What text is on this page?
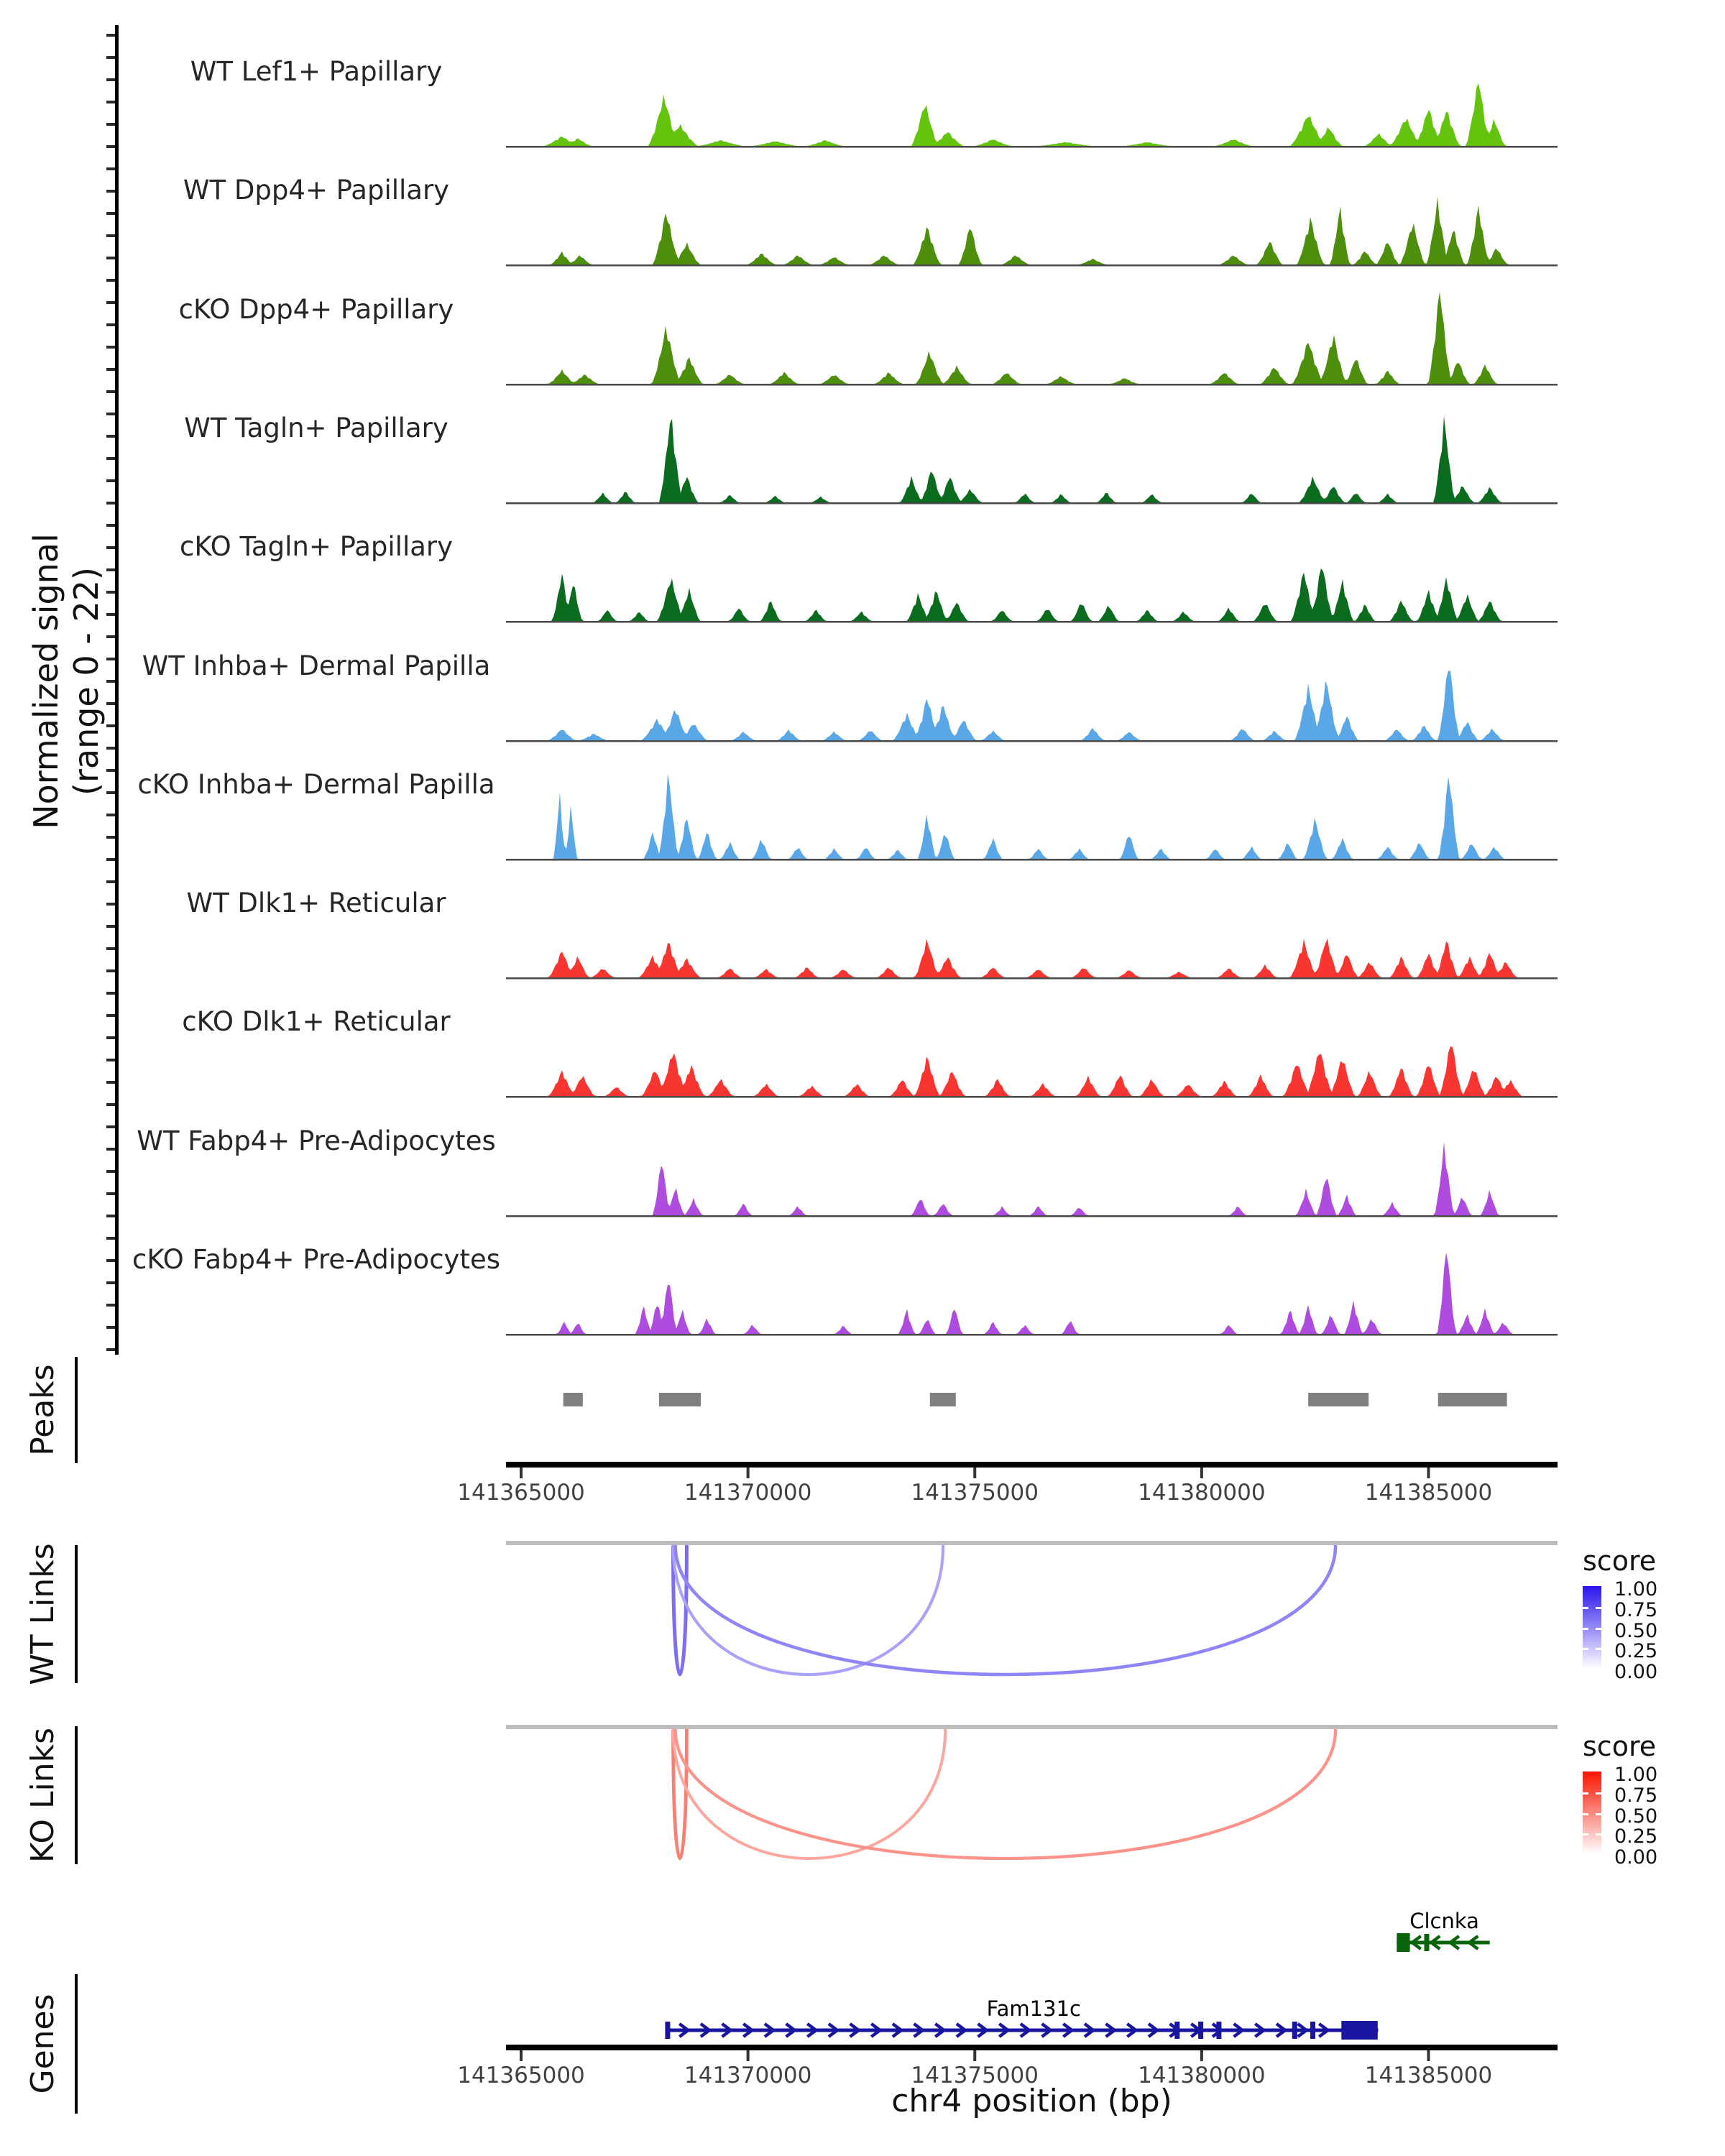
Normalized signal (range 0 - 22)
WT Lef1+ Papillary
WT Dpp4+ Papillary
cKO Dpp4+ Papillary
WT Tagln+ Papillary
cKO Tagln+ Papillary
WT Inhba+ Dermal Papilla
cKO Inhba+ Dermal Papilla
WT Dlk1+ Reticular
cKO Dlk1+ Reticular
WT Fabp4+ Pre-Adipocytes
cKO Fabp4+ Pre-Adipocytes
Peaks
141365000	141370000	141375000	141380000	141385000
WT Links	score
1.00
0.75
0.50
0.25
0.00
KO Links	score
1.00
0.75
0.50
0.25
0.00
Genes
Clcnka
Fam131c
141365000	141370000	141375000	141380000	141385000
chr4 position (bp)
